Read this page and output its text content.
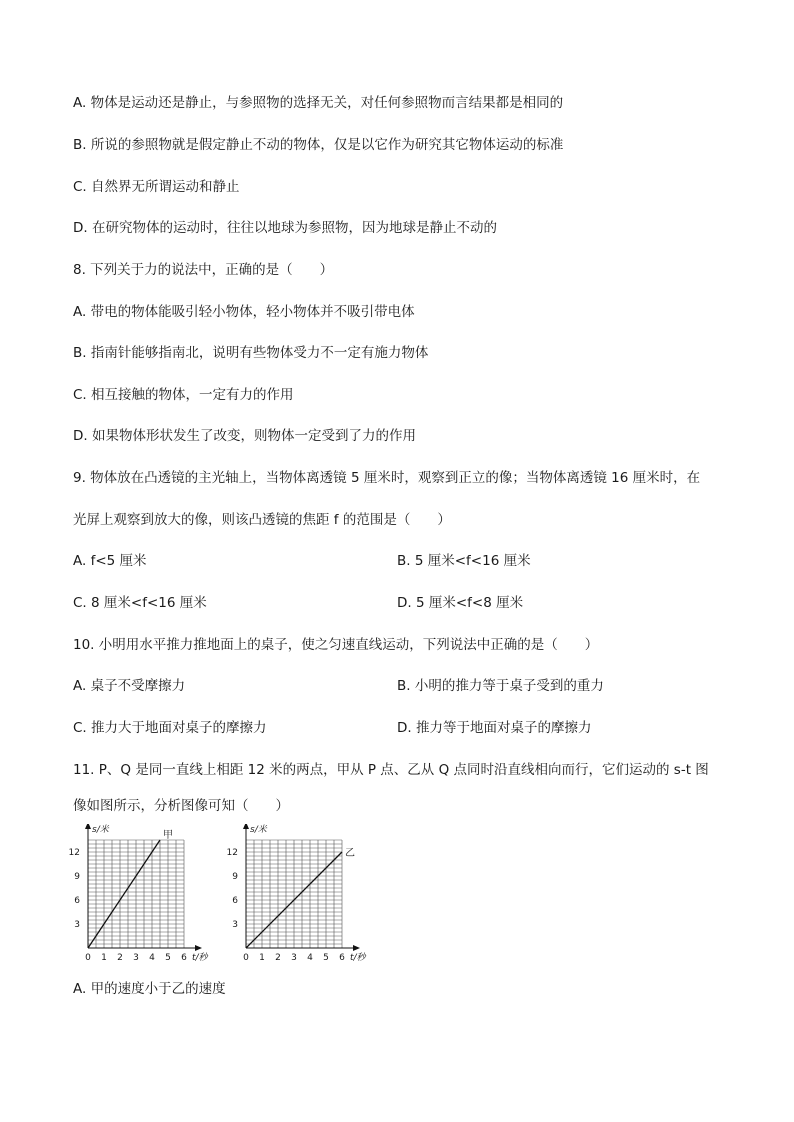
A. 物体是运动还是静止，与参照物的选择无关，对任何参照物而言结果都是相同的
B. 所说的参照物就是假定静止不动的物体，仅是以它作为研究其它物体运动的标准
C. 自然界无所谓运动和静止
D. 在研究物体的运动时，往往以地球为参照物，因为地球是静止不动的
8. 下列关于力的说法中，正确的是（　　）
A. 带电的物体能吸引轻小物体，轻小物体并不吸引带电体
B. 指南针能够指南北，说明有些物体受力不一定有施力物体
C. 相互接触的物体，一定有力的作用
D. 如果物体形状发生了改变，则物体一定受到了力的作用
9. 物体放在凸透镜的主光轴上，当物体离透镜 5 厘米时，观察到正立的像；当物体离透镜 16 厘米时，在
光屏上观察到放大的像，则该凸透镜的焦距 f 的范围是（　　）
A. f<5 厘米	B. 5 厘米<f<16 厘米
C. 8 厘米<f<16 厘米	D. 5 厘米<f<8 厘米
10. 小明用水平推力推地面上的桌子，使之匀速直线运动，下列说法中正确的是（　　）
A. 桌子不受摩擦力	B. 小明的推力等于桌子受到的重力
C. 推力大于地面对桌子的摩擦力	D. 推力等于地面对桌子的摩擦力
11. P、Q 是同一直线上相距 12 米的两点，甲从 P 点、乙从 Q 点同时沿直线相向而行，它们运动的 s-t 图
像如图所示，分析图像可知（　　）
0 1 2 3 4 5 6
3
6
9
12
s/米
t/秒
甲
0 1 2 3 4 5 6
3
6
9
12
s/米
t/秒
乙
A. 甲的速度小于乙的速度
